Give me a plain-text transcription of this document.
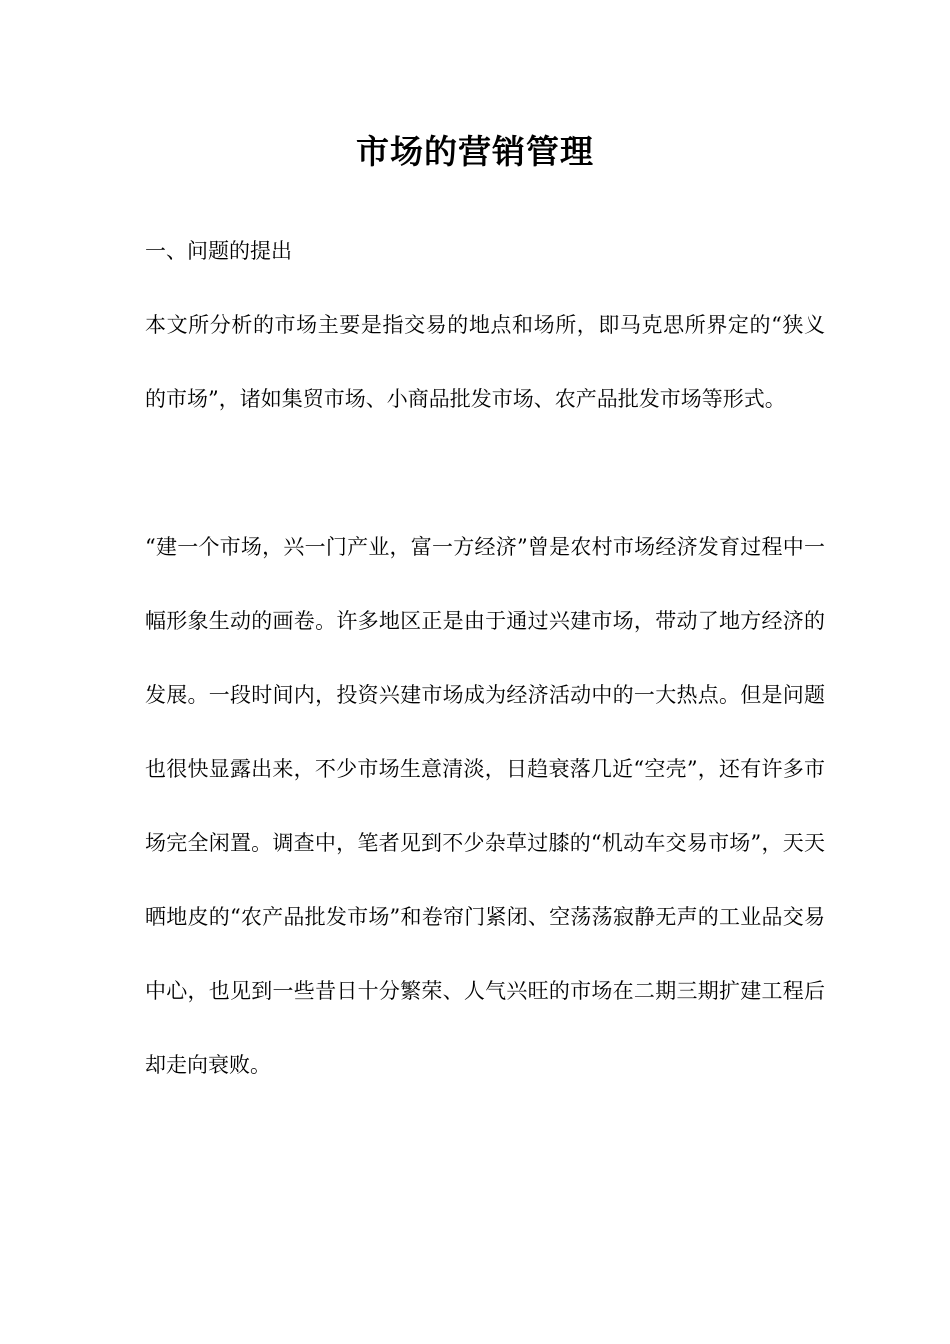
市场的营销管理

一、问题的提出

本文所分析的市场主要是指交易的地点和场所，即马克思所界定的“狭义的市场”，诸如集贸市场、小商品批发市场、农产品批发市场等形式。

“建一个市场，兴一门产业，富一方经济”曾是农村市场经济发育过程中一幅形象生动的画卷。许多地区正是由于通过兴建市场，带动了地方经济的发展。一段时间内，投资兴建市场成为经济活动中的一大热点。但是问题也很快显露出来，不少市场生意清淡，日趋衰落几近“空壳”，还有许多市场完全闲置。调查中，笔者见到不少杂草过膝的“机动车交易市场”，天天晒地皮的“农产品批发市场”和卷帘门紧闭、空荡荡寂静无声的工业品交易中心，也见到一些昔日十分繁荣、人气兴旺的市场在二期三期扩建工程后却走向衰败。
